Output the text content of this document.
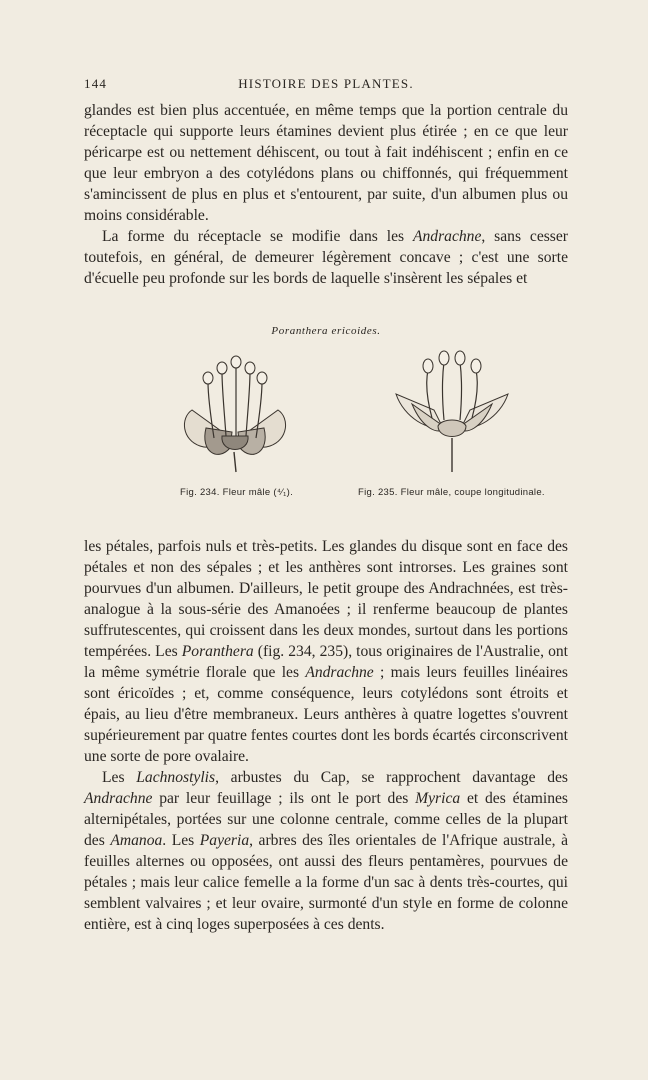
144	HISTOIRE DES PLANTES.

glandes est bien plus accentuée, en même temps que la portion centrale du réceptacle qui supporte leurs étamines devient plus étirée ; en ce que leur péricarpe est ou nettement déhiscent, ou tout à fait indéhiscent ; enfin en ce que leur embryon a des cotylédons plans ou chiffonnés, qui fréquemment s'amincissent de plus en plus et s'entourent, par suite, d'un albumen plus ou moins considérable.

La forme du réceptacle se modifie dans les Andrachne, sans cesser toutefois, en général, de demeurer légèrement concave ; c'est une sorte d'écuelle peu profonde sur les bords de laquelle s'insèrent les sépales et

Poranthera ericoides.
Fig. 234. Fleur mâle (⁴⁄₁).	Fig. 235. Fleur mâle, coupe longitudinale.

les pétales, parfois nuls et très-petits. Les glandes du disque sont en face des pétales et non des sépales ; et les anthères sont introrses. Les graines sont pourvues d'un albumen. D'ailleurs, le petit groupe des Andrachnées, est très-analogue à la sous-série des Amanoées ; il renferme beaucoup de plantes suffrutescentes, qui croissent dans les deux mondes, surtout dans les portions tempérées. Les Poranthera (fig. 234, 235), tous originaires de l'Australie, ont la même symétrie florale que les Andrachne ; mais leurs feuilles linéaires sont éricoïdes ; et, comme conséquence, leurs cotylédons sont étroits et épais, au lieu d'être membraneux. Leurs anthères à quatre logettes s'ouvrent supérieurement par quatre fentes courtes dont les bords écartés circonscrivent une sorte de pore ovalaire.

Les Lachnostylis, arbustes du Cap, se rapprochent davantage des Andrachne par leur feuillage ; ils ont le port des Myrica et des étamines alternipétales, portées sur une colonne centrale, comme celles de la plupart des Amanoa. Les Payeria, arbres des îles orientales de l'Afrique australe, à feuilles alternes ou opposées, ont aussi des fleurs pentamères, pourvues de pétales ; mais leur calice femelle a la forme d'un sac à dents très-courtes, qui semblent valvaires ; et leur ovaire, surmonté d'un style en forme de colonne entière, est à cinq loges superposées à ces dents.
